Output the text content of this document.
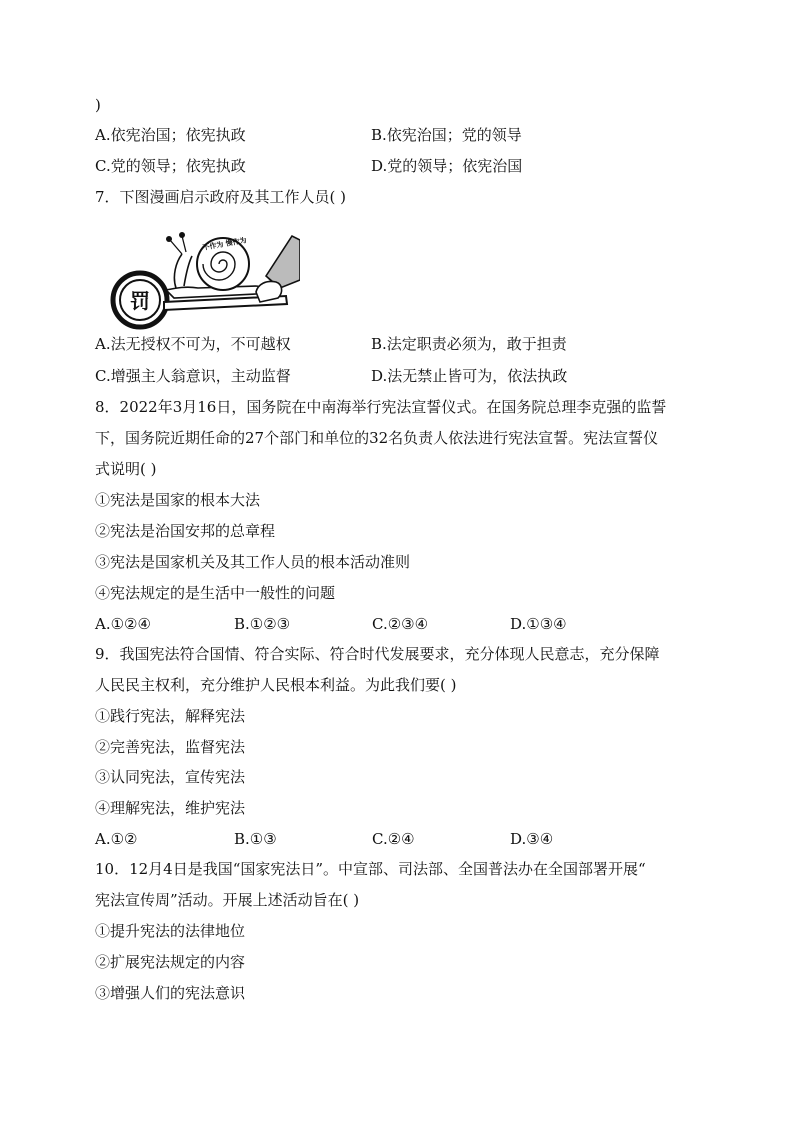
)
A.依宪治国；依宪执政	B.依宪治国；党的领导
C.党的领导；依宪执政	D.党的领导；依宪治国
7．下图漫画启示政府及其工作人员( )
罚
不作为 慢作为
A.法无授权不可为，不可越权	B.法定职责必须为，敢于担责
C.增强主人翁意识，主动监督	D.法无禁止皆可为，依法执政
8．2022年3月16日，国务院在中南海举行宪法宣誓仪式。在国务院总理李克强的监誓
下，国务院近期任命的27个部门和单位的32名负责人依法进行宪法宣誓。宪法宣誓仪
式说明( )
①宪法是国家的根本大法
②宪法是治国安邦的总章程
③宪法是国家机关及其工作人员的根本活动准则
④宪法规定的是生活中一般性的问题
A.①②④	B.①②③	C.②③④	D.①③④
9．我国宪法符合国情、符合实际、符合时代发展要求，充分体现人民意志，充分保障
人民民主权利，充分维护人民根本利益。为此我们要( )
①践行宪法，解释宪法
②完善宪法，监督宪法
③认同宪法，宣传宪法
④理解宪法，维护宪法
A.①②	B.①③	C.②④	D.③④
10．12月4日是我国“国家宪法日”。中宣部、司法部、全国普法办在全国部署开展“
宪法宣传周”活动。开展上述活动旨在( )
①提升宪法的法律地位
②扩展宪法规定的内容
③增强人们的宪法意识
